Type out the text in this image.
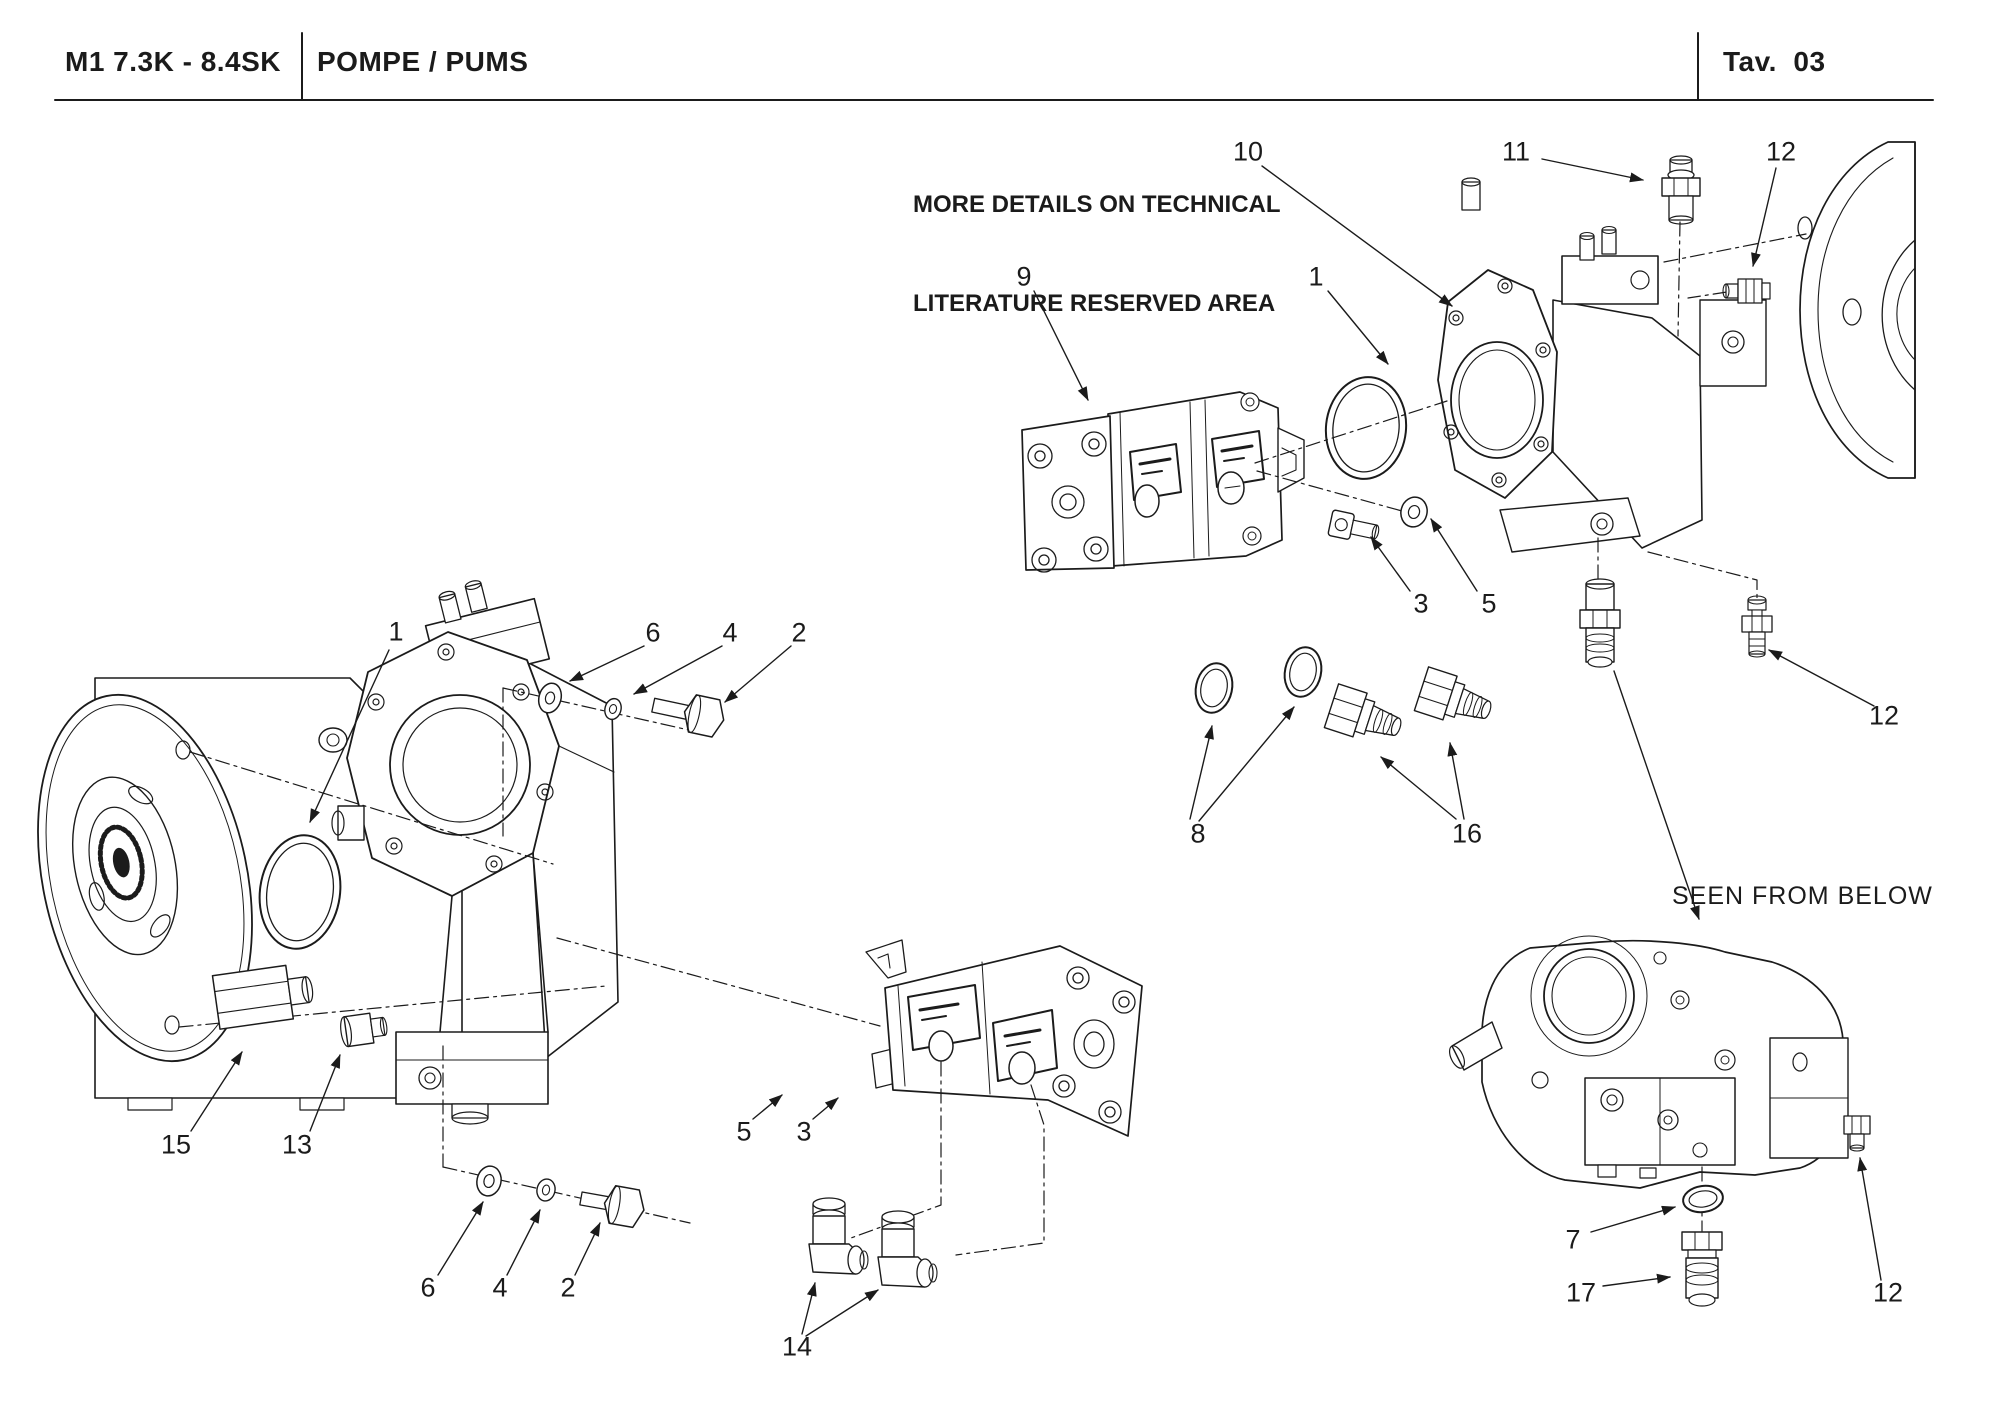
M1 7.3K - 8.4SK POMPE / PUMS	Tav.  03

MORE DETAILS ON TECHNICAL

LITERATURE RESERVED AREA

SEEN FROM BELOW
10	11	12
9	1
1	6 4 2
3 5
12
8	16
5 3
15	13
6 4 2
14
7
17	12
